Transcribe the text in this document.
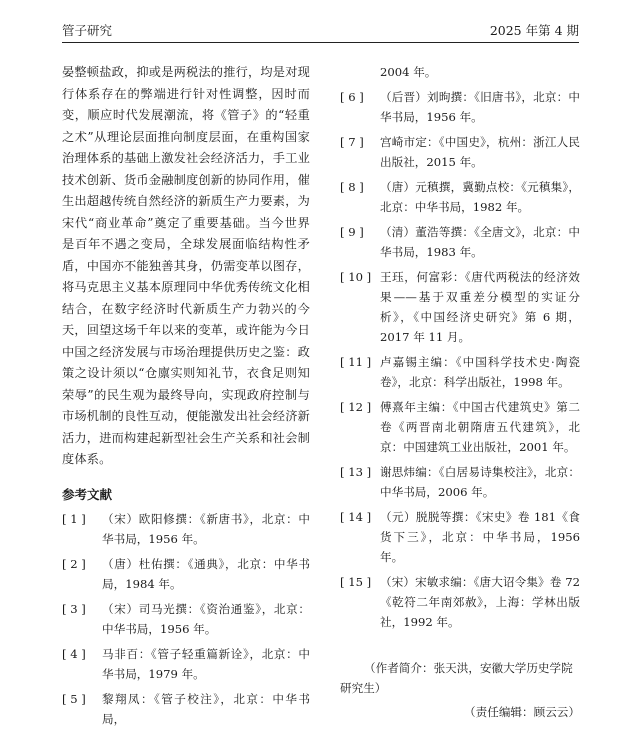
管子研究	2025 年第 4 期

晏整顿盐政，抑或是两税法的推行，均是对现行体系存在的弊端进行针对性调整，因时而变，顺应时代发展潮流，将《管子》的“轻重之术”从理论层面推向制度层面，在重构国家治理体系的基础上激发社会经济活力，手工业技术创新、货币金融制度创新的协同作用，催生出超越传统自然经济的新质生产力要素，为宋代“商业革命”奠定了重要基础。当今世界是百年不遇之变局，全球发展面临结构性矛盾，中国亦不能独善其身，仍需变革以图存，将马克思主义基本原理同中华优秀传统文化相结合，在数字经济时代新质生产力勃兴的今天，回望这场千年以来的变革，或许能为今日中国之经济发展与市场治理提供历史之鉴：政策之设计须以“仓廪实则知礼节，衣食足则知荣辱”的民生观为最终导向，实现政府控制与市场机制的良性互动，便能激发出社会经济新活力，进而构建起新型社会生产关系和社会制度体系。

参考文献
[ 1 ] （宋）欧阳修撰：《新唐书》，北京：中华书局，1956 年。
[ 2 ] （唐）杜佑撰：《通典》，北京：中华书局，1984 年。
[ 3 ] （宋）司马光撰：《资治通鉴》，北京：中华书局，1956 年。
[ 4 ] 马非百：《管子轻重篇新诠》，北京：中华书局，1979 年。
[ 5 ] 黎翔凤：《管子校注》，北京：中华书局，
2004 年。
[ 6 ] （后晋）刘昫撰：《旧唐书》，北京：中华书局，1956 年。
[ 7 ] 宫崎市定：《中国史》，杭州：浙江人民出版社，2015 年。
[ 8 ] （唐）元稹撰，冀勤点校：《元稹集》，北京：中华书局，1982 年。
[ 9 ] （清）董浩等撰：《全唐文》，北京：中华书局，1983 年。
[ 10 ] 王珏，何富彩：《唐代两税法的经济效果——基于双重差分模型的实证分析》，《中国经济史研究》第 6 期，2017 年 11 月。
[ 11 ] 卢嘉锡主编：《中国科学技术史·陶瓷卷》，北京：科学出版社，1998 年。
[ 12 ] 傅熹年主编：《中国古代建筑史》第二卷《两晋南北朝隋唐五代建筑》，北京：中国建筑工业出版社，2001 年。
[ 13 ] 谢思炜编：《白居易诗集校注》，北京：中华书局，2006 年。
[ 14 ] （元）脱脱等撰：《宋史》卷 181《食货下三》，北京：中华书局，1956 年。
[ 15 ] （宋）宋敏求编：《唐大诏令集》卷 72《乾符二年南郊赦》，上海：学林出版社，1992 年。
（作者简介：张天洪，安徽大学历史学院研究生）
（责任编辑：顾云云）
